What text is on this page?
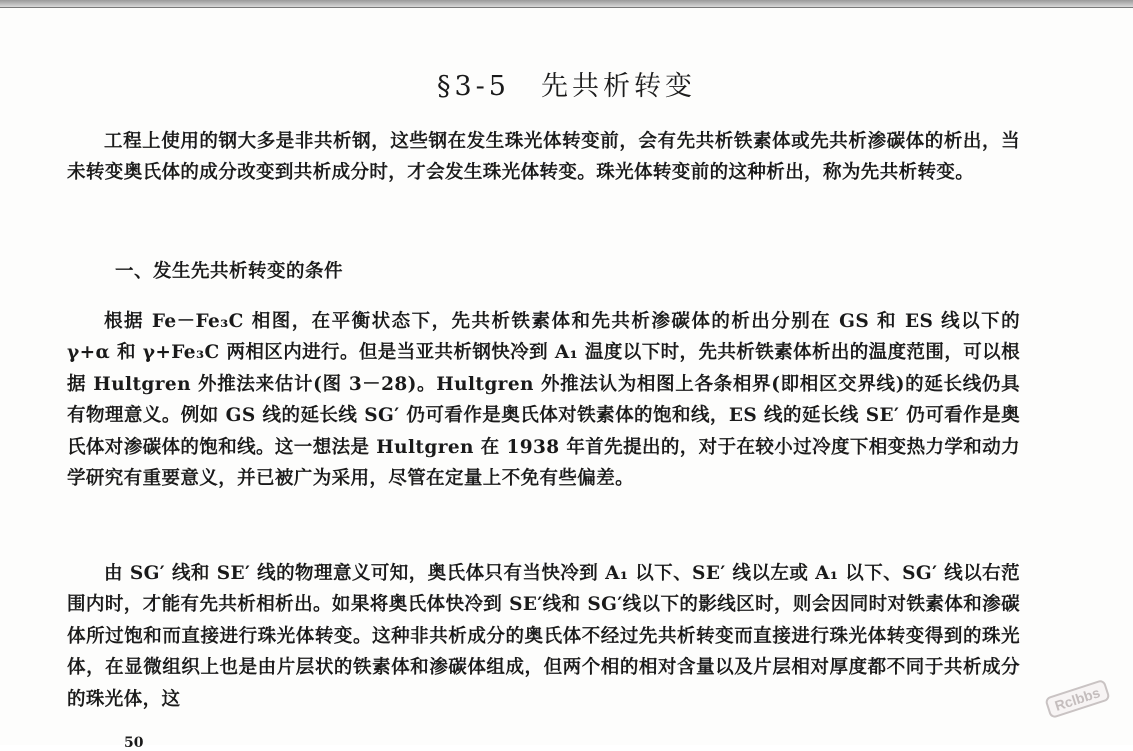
§3-5　先共析转变

工程上使用的钢大多是非共析钢，这些钢在发生珠光体转变前，会有先共析铁素体或先共析渗碳体的析出，当未转变奥氏体的成分改变到共析成分时，才会发生珠光体转变。珠光体转变前的这种析出，称为先共析转变。

一、发生先共析转变的条件

根据 Fe－Fe₃C 相图，在平衡状态下，先共析铁素体和先共析渗碳体的析出分别在 GS 和 ES 线以下的 γ+α 和 γ+Fe₃C 两相区内进行。但是当亚共析钢快冷到 A₁ 温度以下时，先共析铁素体析出的温度范围，可以根据 Hultgren 外推法来估计(图 3－28)。Hultgren 外推法认为相图上各条相界(即相区交界线)的延长线仍具有物理意义。例如 GS 线的延长线 SG′ 仍可看作是奥氏体对铁素体的饱和线，ES 线的延长线 SE′ 仍可看作是奥氏体对渗碳体的饱和线。这一想法是 Hultgren 在 1938 年首先提出的，对于在较小过冷度下相变热力学和动力学研究有重要意义，并已被广为采用，尽管在定量上不免有些偏差。

由 SG′ 线和 SE′ 线的物理意义可知，奥氏体只有当快冷到 A₁ 以下、SE′ 线以左或 A₁ 以下、SG′ 线以右范围内时，才能有先共析相析出。如果将奥氏体快冷到 SE′线和 SG′线以下的影线区时，则会因同时对铁素体和渗碳体所过饱和而直接进行珠光体转变。这种非共析成分的奥氏体不经过先共析转变而直接进行珠光体转变得到的珠光体，在显微组织上也是由片层状的铁素体和渗碳体组成，但两个相的相对含量以及片层相对厚度都不同于共析成分的珠光体，这

50
Rclbbs
